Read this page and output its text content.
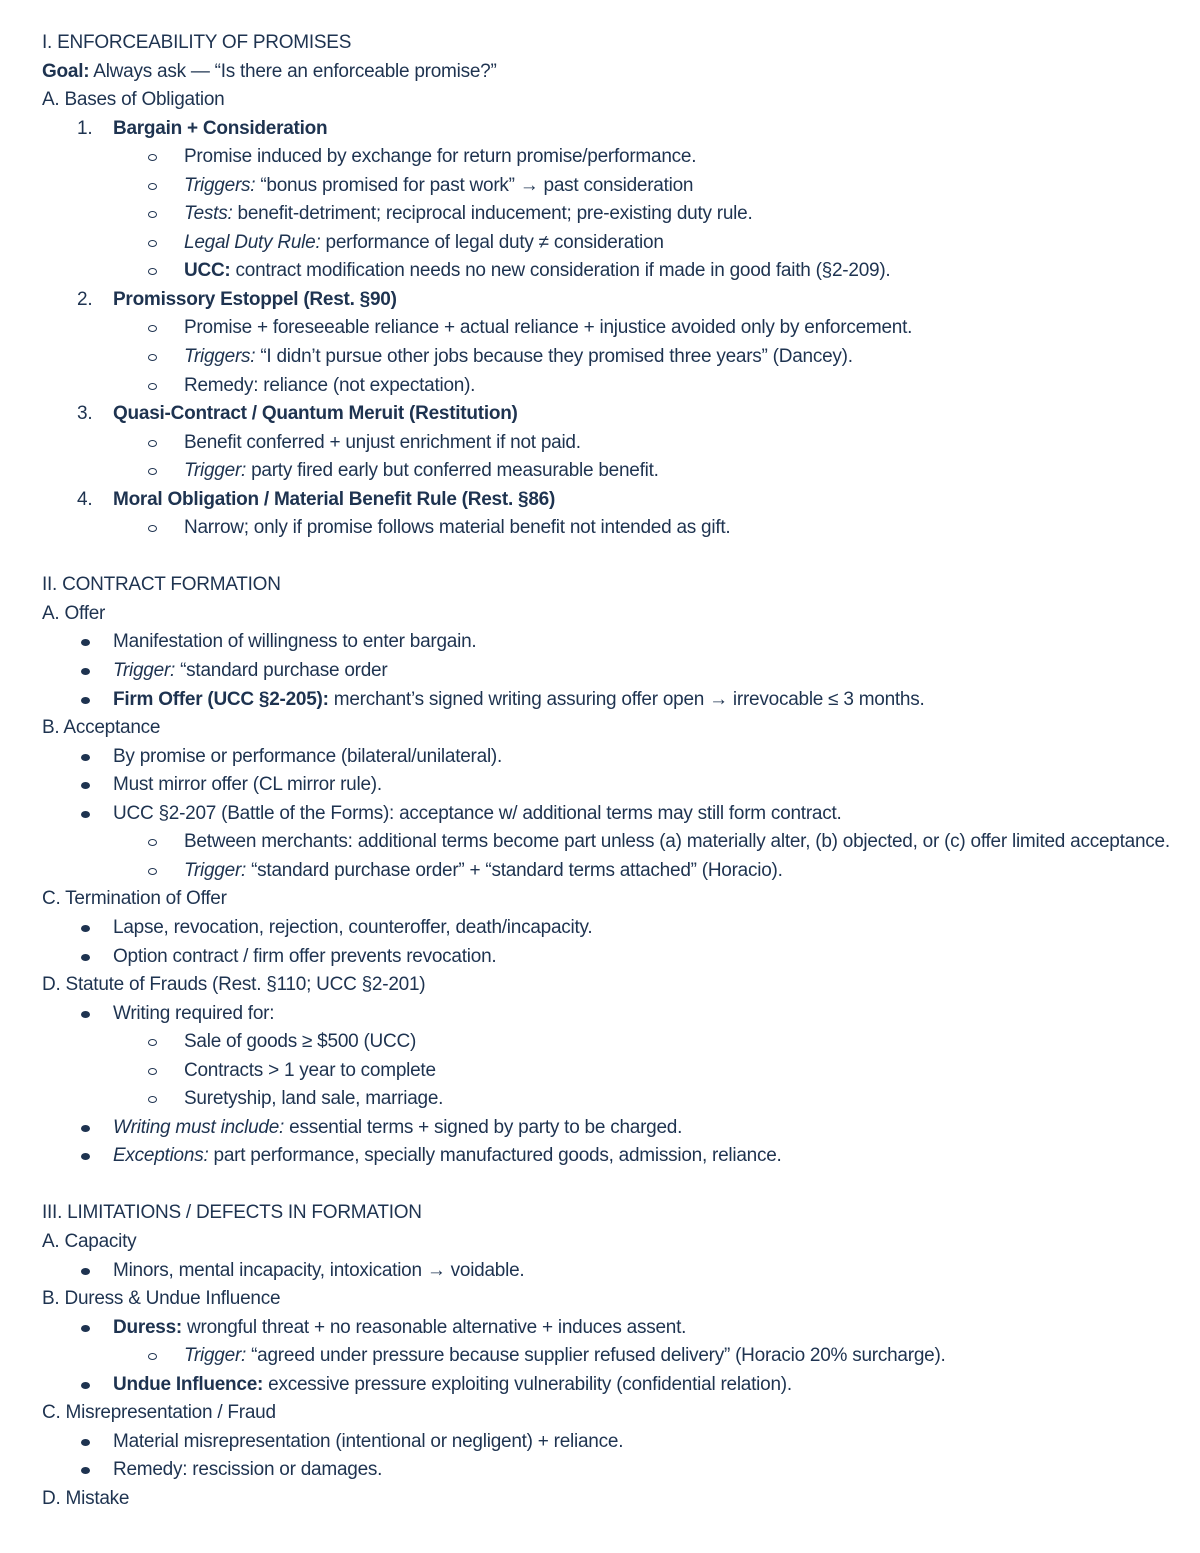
I. ENFORCEABILITY OF PROMISES
Goal: Always ask — “Is there an enforceable promise?”
A. Bases of Obligation
1. Bargain + Consideration
Promise induced by exchange for return promise/performance.
Triggers: “bonus promised for past work” → past consideration
Tests: benefit-detriment; reciprocal inducement; pre-existing duty rule.
Legal Duty Rule: performance of legal duty ≠ consideration
UCC: contract modification needs no new consideration if made in good faith (§2-209).
2. Promissory Estoppel (Rest. §90)
Promise + foreseeable reliance + actual reliance + injustice avoided only by enforcement.
Triggers: “I didn’t pursue other jobs because they promised three years” (Dancey).
Remedy: reliance (not expectation).
3. Quasi-Contract / Quantum Meruit (Restitution)
Benefit conferred + unjust enrichment if not paid.
Trigger: party fired early but conferred measurable benefit.
4. Moral Obligation / Material Benefit Rule (Rest. §86)
Narrow; only if promise follows material benefit not intended as gift.
II. CONTRACT FORMATION
A. Offer
Manifestation of willingness to enter bargain.
Trigger: “standard purchase order
Firm Offer (UCC §2-205): merchant’s signed writing assuring offer open → irrevocable ≤ 3 months.
B. Acceptance
By promise or performance (bilateral/unilateral).
Must mirror offer (CL mirror rule).
UCC §2-207 (Battle of the Forms): acceptance w/ additional terms may still form contract.
Between merchants: additional terms become part unless (a) materially alter, (b) objected, or (c) offer limited acceptance.
Trigger: “standard purchase order” + “standard terms attached” (Horacio).
C. Termination of Offer
Lapse, revocation, rejection, counteroffer, death/incapacity.
Option contract / firm offer prevents revocation.
D. Statute of Frauds (Rest. §110; UCC §2-201)
Writing required for:
Sale of goods ≥ $500 (UCC)
Contracts > 1 year to complete
Suretyship, land sale, marriage.
Writing must include: essential terms + signed by party to be charged.
Exceptions: part performance, specially manufactured goods, admission, reliance.
III. LIMITATIONS / DEFECTS IN FORMATION
A. Capacity
Minors, mental incapacity, intoxication → voidable.
B. Duress & Undue Influence
Duress: wrongful threat + no reasonable alternative + induces assent.
Trigger: “agreed under pressure because supplier refused delivery” (Horacio 20% surcharge).
Undue Influence: excessive pressure exploiting vulnerability (confidential relation).
C. Misrepresentation / Fraud
Material misrepresentation (intentional or negligent) + reliance.
Remedy: rescission or damages.
D. Mistake
